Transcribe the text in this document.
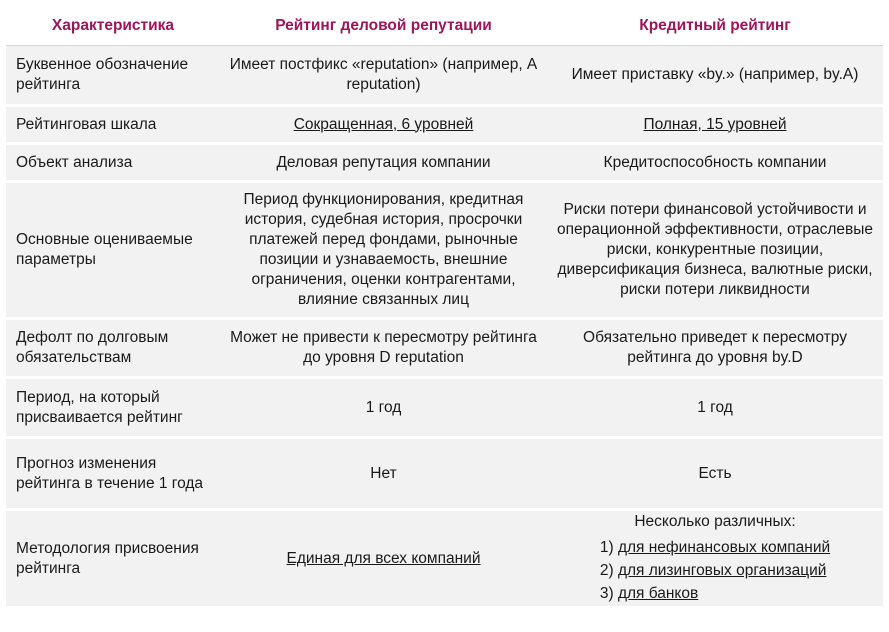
Характеристика	Рейтинг деловой репутации	Кредитный рейтинг
Буквенное обозначение рейтинга	Имеет постфикс «reputation» (например, A reputation)	Имеет приставку «by.» (например, by.A)
Рейтинговая шкала	Сокращенная, 6 уровней	Полная, 15 уровней
Объект анализа	Деловая репутация компании	Кредитоспособность компании
Основные оцениваемые параметры	Период функционирования, кредитная история, судебная история, просрочки платежей перед фондами, рыночные позиции и узнаваемость, внешние ограничения, оценки контрагентами, влияние связанных лиц	Риски потери финансовой устойчивости и операционной эффективности, отраслевые риски, конкурентные позиции, диверсификация бизнеса, валютные риски, риски потери ликвидности
Дефолт по долговым обязательствам	Может не привести к пересмотру рейтинга до уровня D reputation	Обязательно приведет к пересмотру рейтинга до уровня by.D
Период, на который присваивается рейтинг	1 год	1 год
Прогноз изменения рейтинга в течение 1 года	Нет	Есть
Методология присвоения рейтинга	Единая для всех компаний	Несколько различных:
1) для нефинансовых компаний
2) для лизинговых организаций
3) для банков
